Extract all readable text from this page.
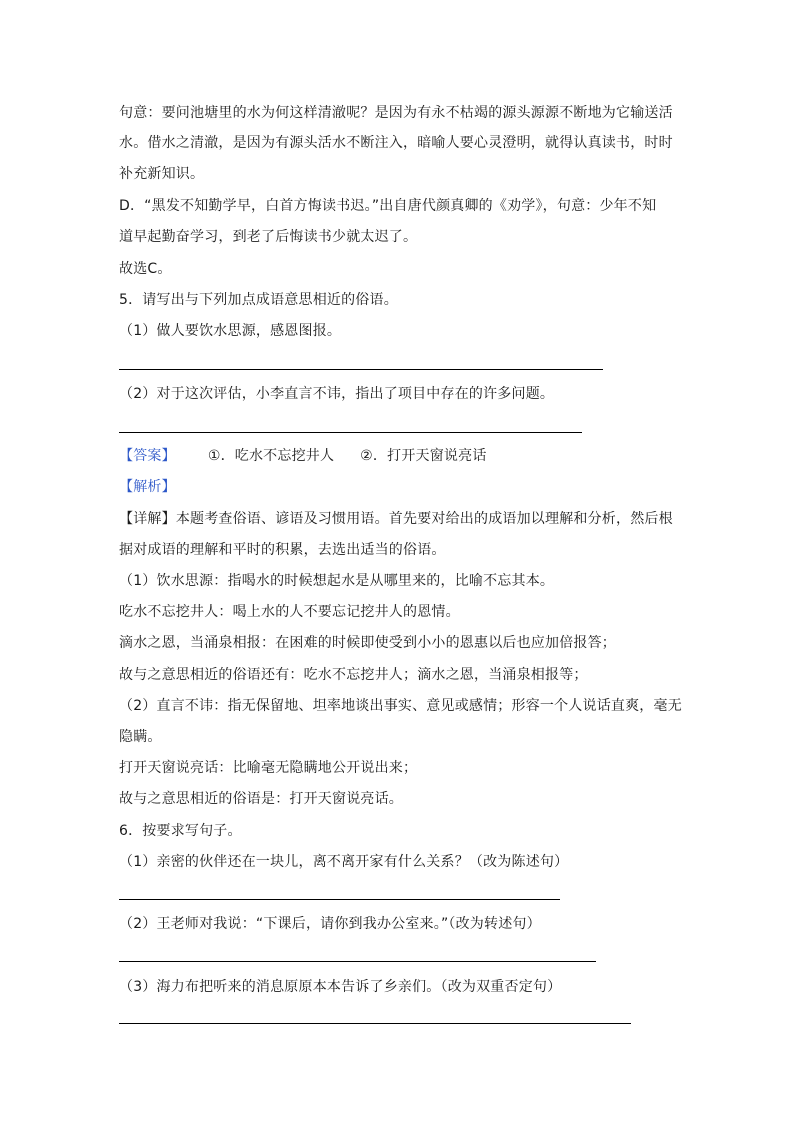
句意：要问池塘里的水为何这样清澈呢？是因为有永不枯竭的源头源源不断地为它输送活
水。借水之清澈，是因为有源头活水不断注入，暗喻人要心灵澄明，就得认真读书，时时
补充新知识。
D．“黑发不知勤学早，白首方悔读书迟。”出自唐代颜真卿的《劝学》，句意：少年不知
道早起勤奋学习，到老了后悔读书少就太迟了。
故选C。
5．请写出与下列加点成语意思相近的俗语。
（1）做人要饮水思源，感恩图报。
（2）对于这次评估，小李直言不讳，指出了项目中存在的许多问题。
【答案】 ①．吃水不忘挖井人 ②．打开天窗说亮话
【解析】
【详解】本题考查俗语、谚语及习惯用语。首先要对给出的成语加以理解和分析，然后根
据对成语的理解和平时的积累，去选出适当的俗语。
（1）饮水思源：指喝水的时候想起水是从哪里来的，比喻不忘其本。
吃水不忘挖井人：喝上水的人不要忘记挖井人的恩情。
滴水之恩，当涌泉相报：在困难的时候即使受到小小的恩惠以后也应加倍报答；
故与之意思相近的俗语还有：吃水不忘挖井人；滴水之恩，当涌泉相报等；
（2）直言不讳：指无保留地、坦率地谈出事实、意见或感情；形容一个人说话直爽，毫无
隐瞒。
打开天窗说亮话：比喻毫无隐瞒地公开说出来；
故与之意思相近的俗语是：打开天窗说亮话。
6．按要求写句子。
（1）亲密的伙伴还在一块儿，离不离开家有什么关系？（改为陈述句）
（2）王老师对我说：“下课后，请你到我办公室来。”（改为转述句）
（3）海力布把听来的消息原原本本告诉了乡亲们。（改为双重否定句）
